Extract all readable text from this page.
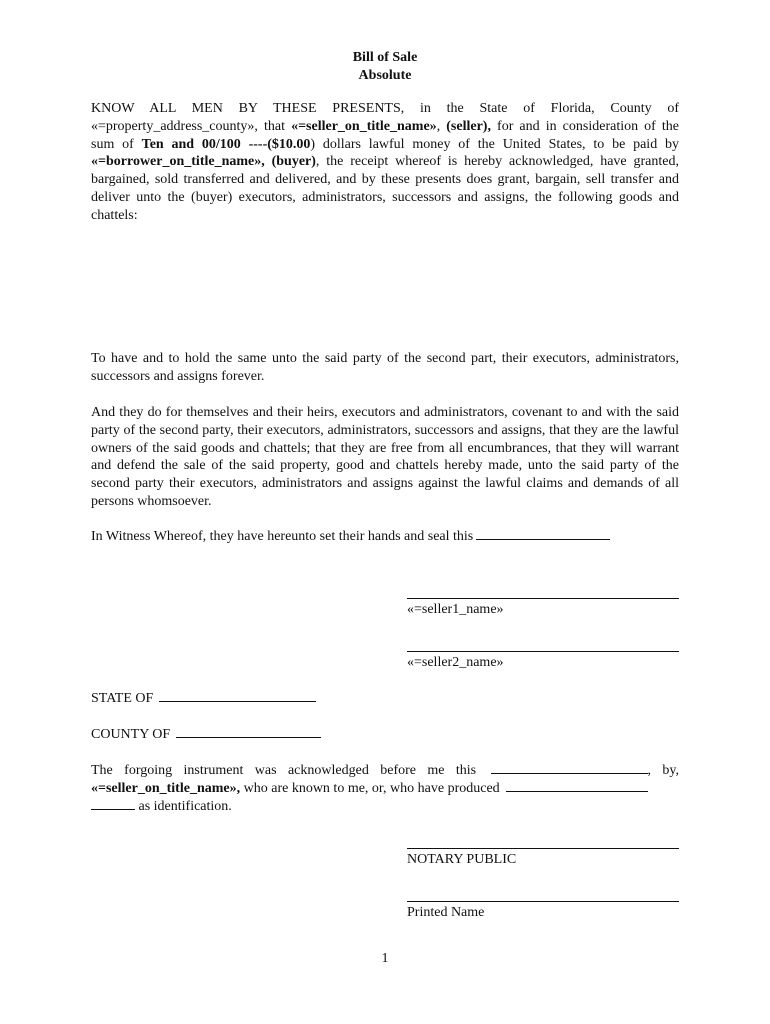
Bill of Sale
Absolute
KNOW ALL MEN BY THESE PRESENTS, in the State of Florida, County of «=property_address_county», that «=seller_on_title_name», (seller), for and in consideration of the sum of Ten and 00/100 ----($10.00) dollars lawful money of the United States, to be paid by «=borrower_on_title_name», (buyer), the receipt whereof is hereby acknowledged, have granted, bargained, sold transferred and delivered, and by these presents does grant, bargain, sell transfer and deliver unto the (buyer) executors, administrators, successors and assigns, the following goods and chattels:
To have and to hold the same unto the said party of the second part, their executors, administrators, successors and assigns forever.
And they do for themselves and their heirs, executors and administrators, covenant to and with the said party of the second party, their executors, administrators, successors and assigns, that they are the lawful owners of the said goods and chattels; that they are free from all encumbrances, that they will warrant and defend the sale of the said property, good and chattels hereby made, unto the said party of the second party their executors, administrators and assigns against the lawful claims and demands of all persons whomsoever.
In Witness Whereof, they have hereunto set their hands and seal this
«=seller1_name»
«=seller2_name»
STATE OF
COUNTY OF
The forgoing instrument was acknowledged before me this	, by, «=seller_on_title_name», who are known to me, or, who have produced
as identification.
NOTARY PUBLIC
Printed Name
1
